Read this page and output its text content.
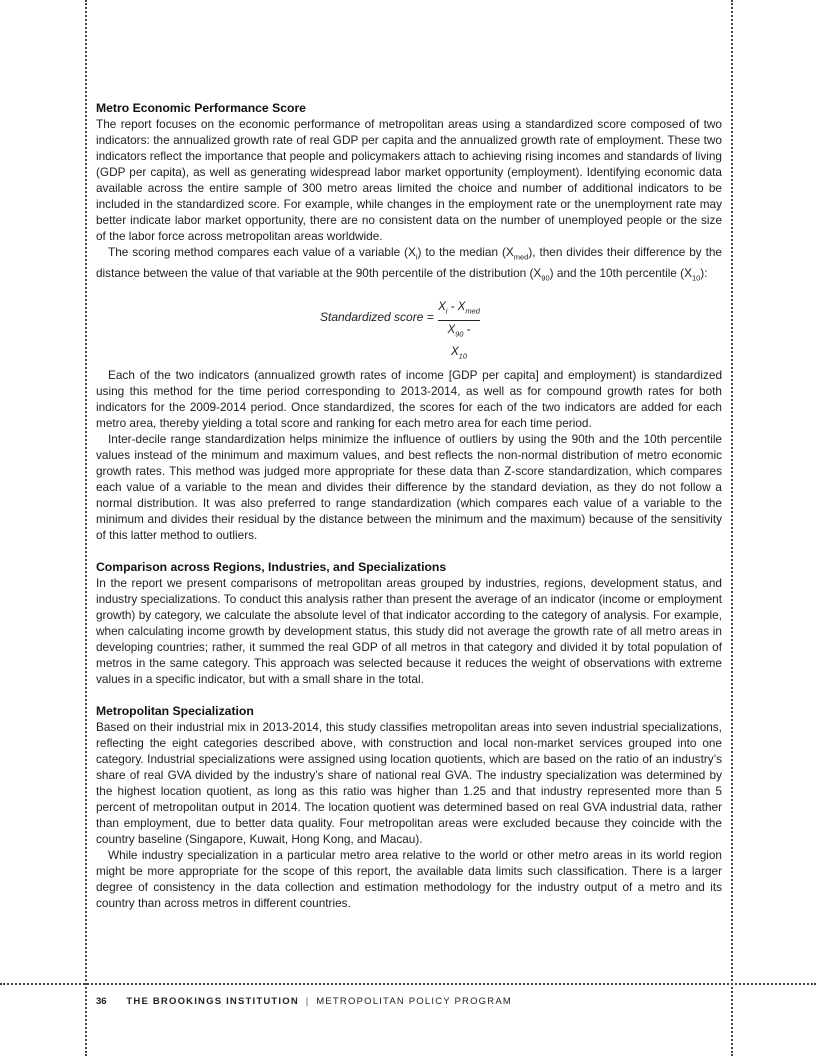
Metro Economic Performance Score

The report focuses on the economic performance of metropolitan areas using a standardized score composed of two indicators: the annualized growth rate of real GDP per capita and the annualized growth rate of employment. These two indicators reflect the importance that people and policymakers attach to achieving rising incomes and standards of living (GDP per capita), as well as generating widespread labor market opportunity (employment). Identifying economic data available across the entire sample of 300 metro areas limited the choice and number of additional indicators to be included in the standardized score. For example, while changes in the employment rate or the unemployment rate may better indicate labor market opportunity, there are no consistent data on the number of unemployed people or the size of the labor force across metropolitan areas worldwide.

The scoring method compares each value of a variable $(X_i)$ to the median $(X_{med})$, then divides their difference by the distance between the value of that variable at the 90th percentile of the distribution $(X_{90})$ and the 10th percentile $(X_{10})$:

Standardized score =
$X_i - X_{med}$
$X_{90} - X_{10}$

Each of the two indicators (annualized growth rates of income [GDP per capita] and employment) is standardized using this method for the time period corresponding to 2013-2014, as well as for compound growth rates for both indicators for the 2009-2014 period. Once standardized, the scores for each of the two indicators are added for each metro area, thereby yielding a total score and ranking for each metro area for each time period.

Inter-decile range standardization helps minimize the influence of outliers by using the 90th and the 10th percentile values instead of the minimum and maximum values, and best reflects the non-normal distribution of metro economic growth rates. This method was judged more appropriate for these data than Z-score standardization, which compares each value of a variable to the mean and divides their difference by the standard deviation, as they do not follow a normal distribution. It was also preferred to range standardization (which compares each value of a variable to the minimum and divides their residual by the distance between the minimum and the maximum) because of the sensitivity of this latter method to outliers.

Comparison across Regions, Industries, and Specializations

In the report we present comparisons of metropolitan areas grouped by industries, regions, development status, and industry specializations. To conduct this analysis rather than present the average of an indicator (income or employment growth) by category, we calculate the absolute level of that indicator according to the category of analysis. For example, when calculating income growth by development status, this study did not average the growth rate of all metro areas in developing countries; rather, it summed the real GDP of all metros in that category and divided it by total population of metros in the same category. This approach was selected because it reduces the weight of observations with extreme values in a specific indicator, but with a small share in the total.

Metropolitan Specialization

Based on their industrial mix in 2013-2014, this study classifies metropolitan areas into seven industrial specializations, reflecting the eight categories described above, with construction and local non-market services grouped into one category. Industrial specializations were assigned using location quotients, which are based on the ratio of an industry’s share of real GVA divided by the industry’s share of national real GVA. The industry specialization was determined by the highest location quotient, as long as this ratio was higher than 1.25 and that industry represented more than 5 percent of metropolitan output in 2014. The location quotient was determined based on real GVA industrial data, rather than employment, due to better data quality. Four metropolitan areas were excluded because they coincide with the country baseline (Singapore, Kuwait, Hong Kong, and Macau).

While industry specialization in a particular metro area relative to the world or other metro areas in its world region might be more appropriate for the scope of this report, the available data limits such classification. There is a larger degree of consistency in the data collection and estimation methodology for the industry output of a metro and its country than across metros in different countries.

36 THE BROOKINGS INSTITUTION | METROPOLITAN POLICY PROGRAM
